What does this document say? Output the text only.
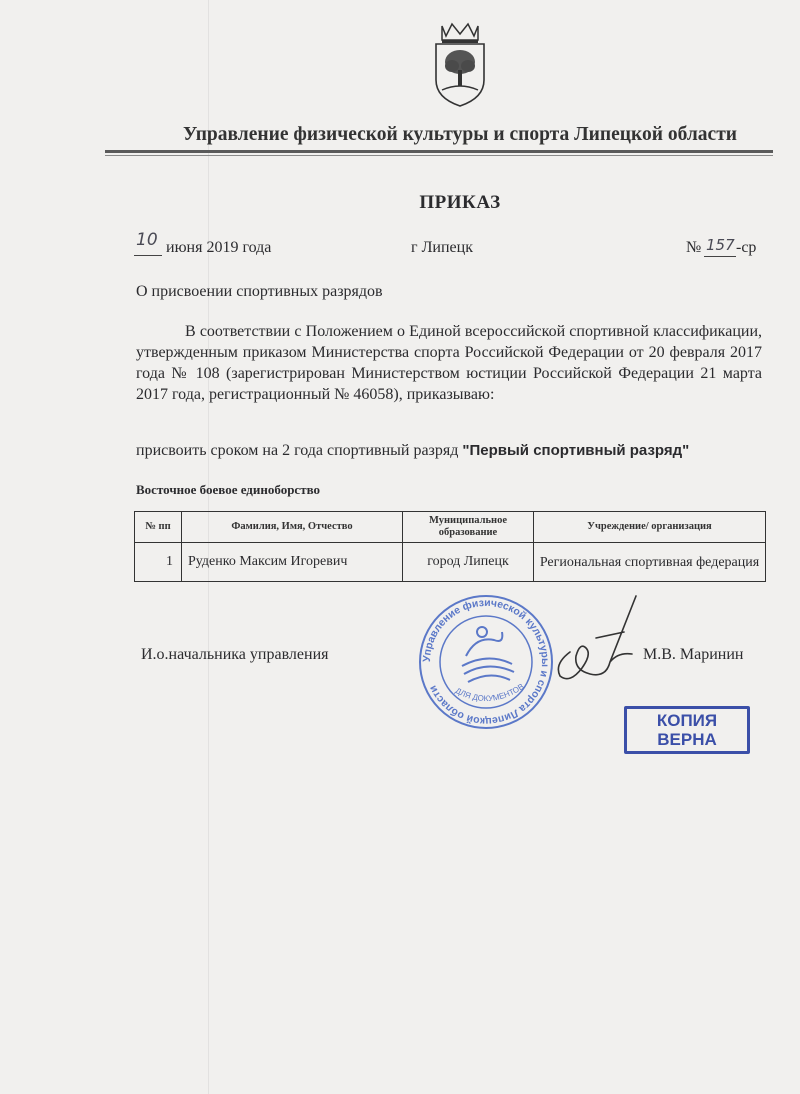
Управление физической культуры и спорта Липецкой области
ПРИКАЗ
10 июня 2019 года	г Липецк	№ 157 -ср
О присвоении спортивных разрядов
В соответствии с Положением о Единой всероссийской спортивной классификации, утвержденным приказом Министерства спорта Российской Федерации от 20 февраля 2017 года № 108 (зарегистрирован Министерством юстиции Российской Федерации 21 марта 2017 года, регистрационный № 46058), приказываю:
присвоить сроком на 2 года спортивный разряд "Первый спортивный разряд"
Восточное боевое единоборство
№ пп	Фамилия, Имя, Отчество	Муниципальное образование	Учреждение/ организация
1	Руденко Максим Игоревич	город Липецк	Региональная спортивная федерация
Управление физической культуры и спорта Липецкой области	ДЛЯ ДОКУМЕНТОВ
И.о.начальника управления	М.В. Маринин
КОПИЯ
ВЕРНА
